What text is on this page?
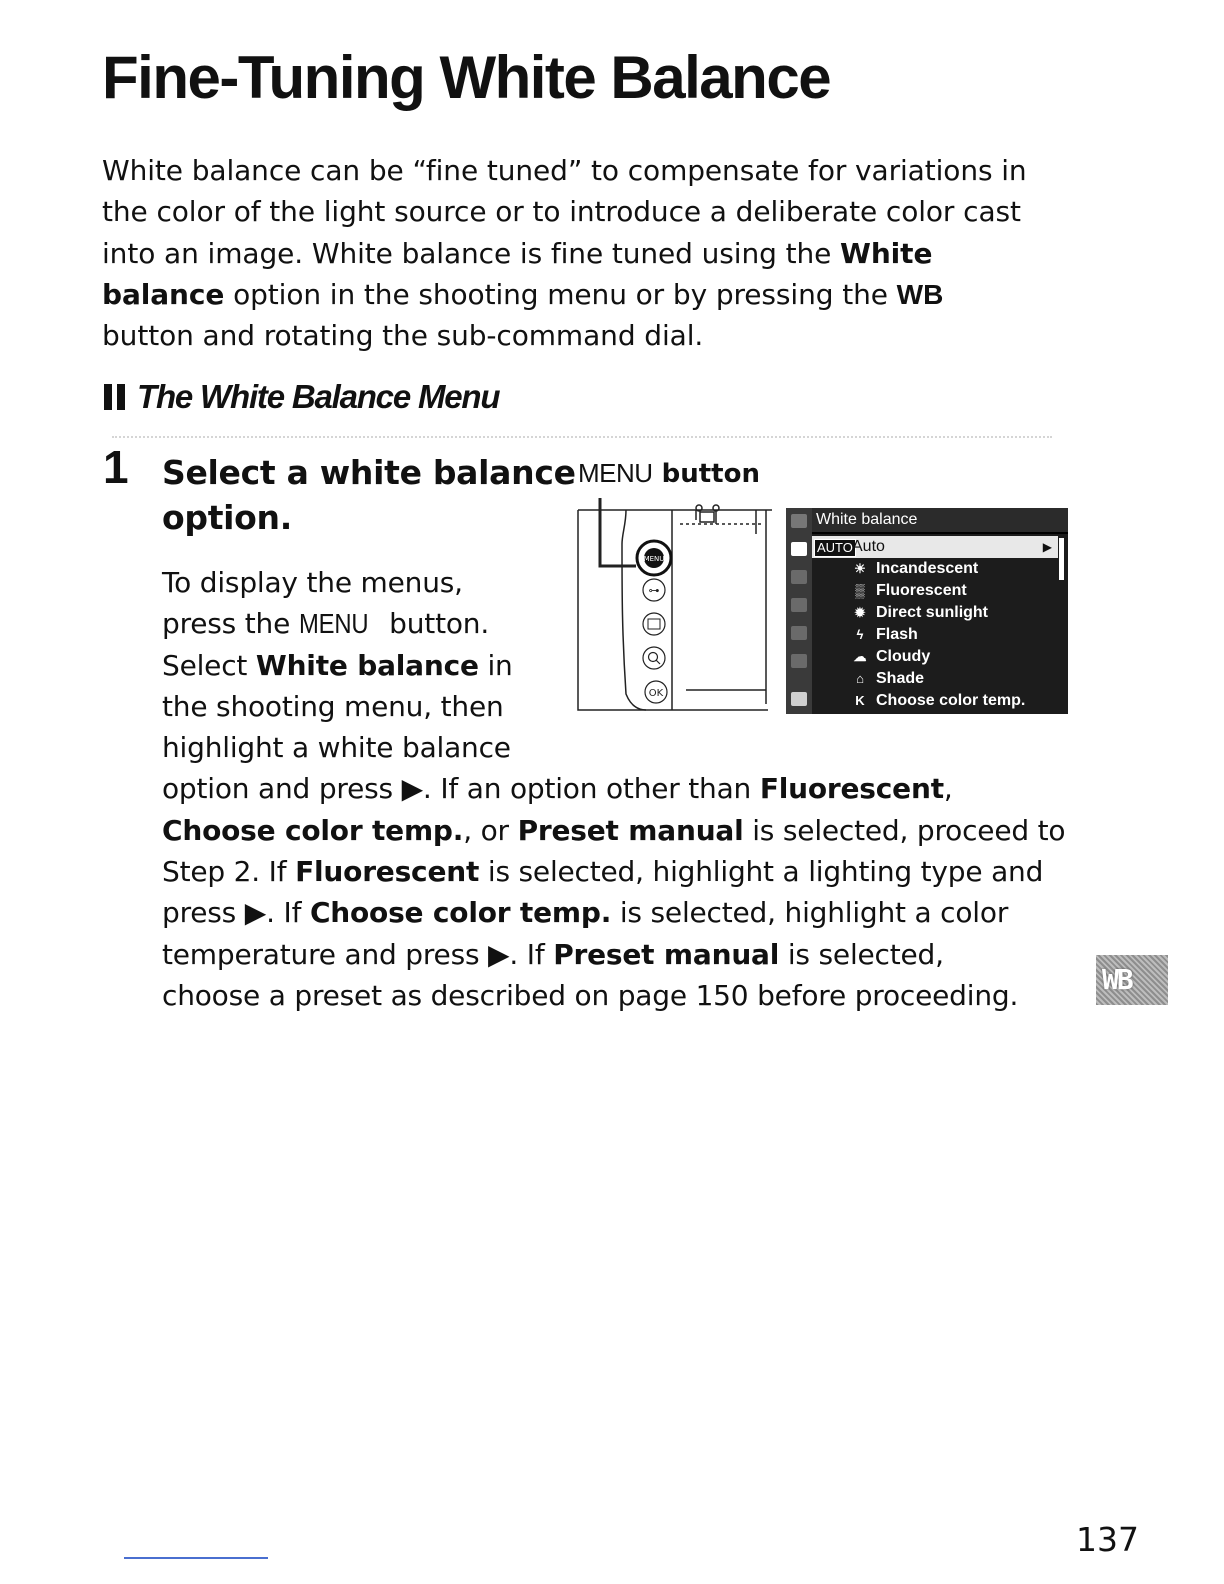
Fine-Tuning White Balance
White balance can be “fine tuned” to compensate for variations in
the color of the light source or to introduce a deliberate color cast
into an image. White balance is fine tuned using the White
balance option in the shooting menu or by pressing the WB
button and rotating the sub-command dial.
The White Balance Menu
1 Select a white balance
option.
MENU button
MENU
⊶
OK
White balance
AUTO Auto	▶
☀ Incandescent
▒ Fluorescent
✹ Direct sunlight
ϟ Flash
☁ Cloudy
⌂ Shade
K Choose color temp.
To display the menus,
press the MENU button.
Select White balance in
the shooting menu, then
highlight a white balance
option and press ▶. If an option other than Fluorescent,
Choose color temp., or Preset manual is selected, proceed to
Step 2. If Fluorescent is selected, highlight a lighting type and
press ▶. If Choose color temp. is selected, highlight a color
temperature and press ▶. If Preset manual is selected,
choose a preset as described on page 150 before proceeding.	WB
137
